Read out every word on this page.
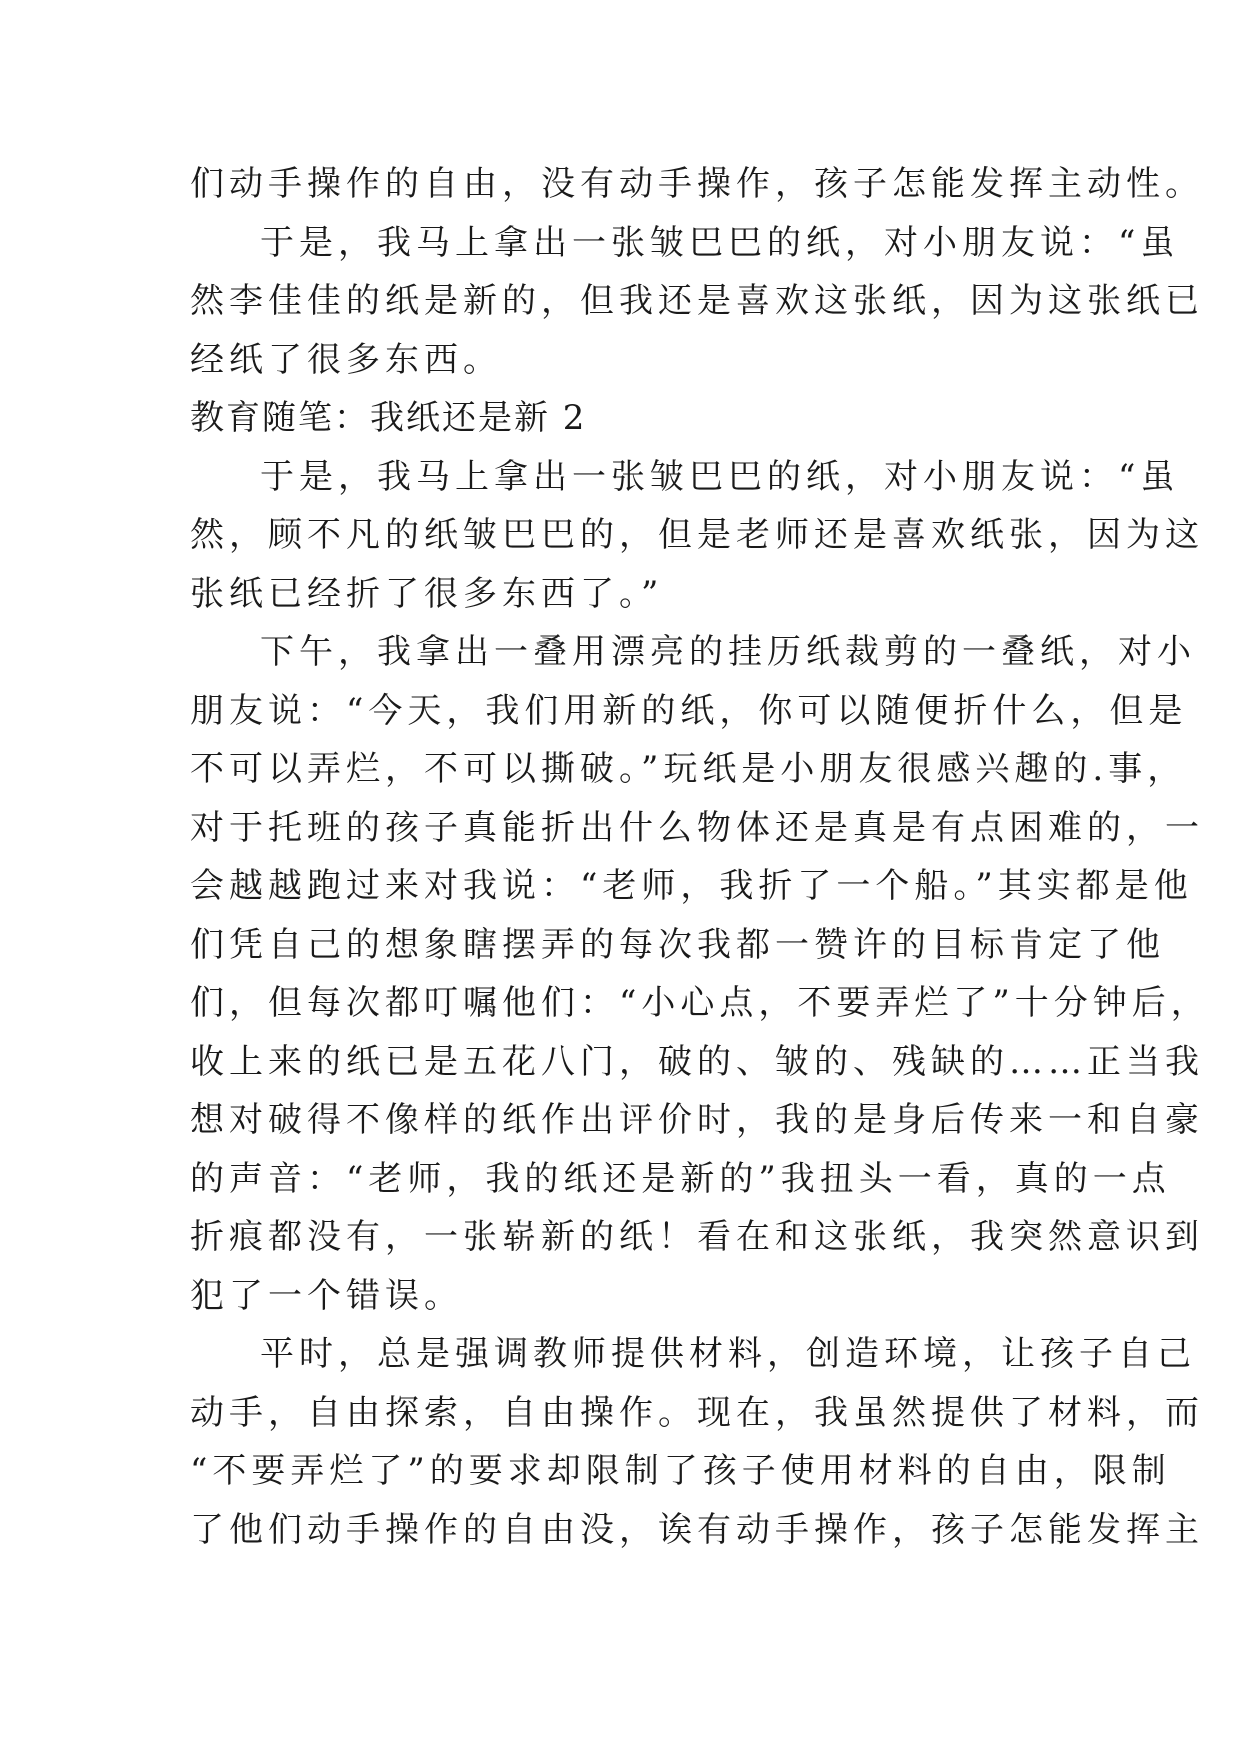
们动手操作的自由，没有动手操作，孩子怎能发挥主动性。
于是，我马上拿出一张皱巴巴的纸，对小朋友说：“虽
然李佳佳的纸是新的，但我还是喜欢这张纸，因为这张纸已
经纸了很多东西。
教育随笔：我纸还是新 2
于是，我马上拿出一张皱巴巴的纸，对小朋友说：“虽
然，顾不凡的纸皱巴巴的，但是老师还是喜欢纸张，因为这
张纸已经折了很多东西了。”
下午，我拿出一叠用漂亮的挂历纸裁剪的一叠纸，对小
朋友说：“今天，我们用新的纸，你可以随便折什么，但是
不可以弄烂，不可以撕破。”玩纸是小朋友很感兴趣的.事，
对于托班的孩子真能折出什么物体还是真是有点困难的，一
会越越跑过来对我说：“老师，我折了一个船。”其实都是他
们凭自己的想象瞎摆弄的每次我都一赞许的目标肯定了他
们，但每次都叮嘱他们：“小心点，不要弄烂了”十分钟后，
收上来的纸已是五花八门，破的、皱的、残缺的……正当我
想对破得不像样的纸作出评价时，我的是身后传来一和自豪
的声音：“老师，我的纸还是新的”我扭头一看，真的一点
折痕都没有，一张崭新的纸！看在和这张纸，我突然意识到
犯了一个错误。
平时，总是强调教师提供材料，创造环境，让孩子自己
动手，自由探索，自由操作。现在，我虽然提供了材料，而
“不要弄烂了”的要求却限制了孩子使用材料的自由，限制
了他们动手操作的自由没，诶有动手操作，孩子怎能发挥主
